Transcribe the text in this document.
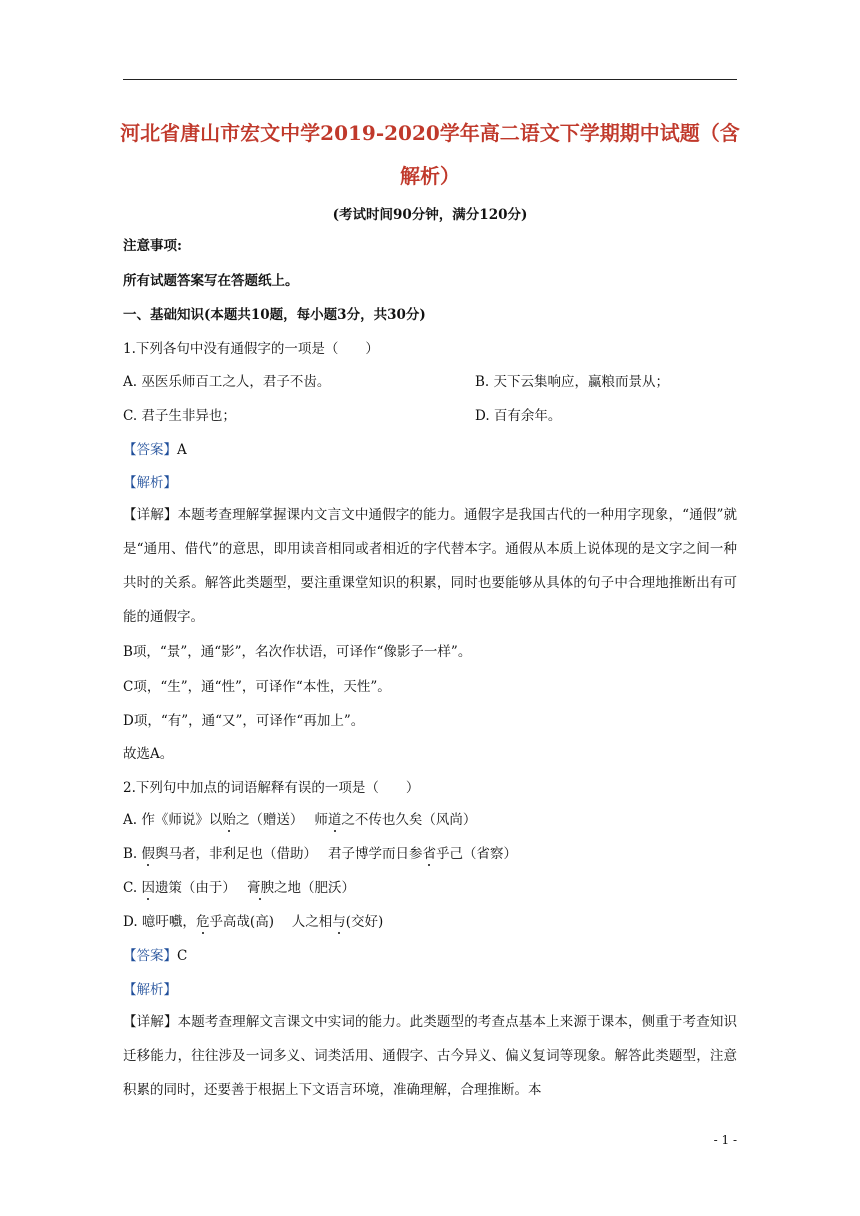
河北省唐山市宏文中学2019-2020学年高二语文下学期期中试题（含
解析）
(考试时间90分钟，满分120分)
注意事项:
所有试题答案写在答题纸上。
一、基础知识(本题共10题，每小题3分，共30分)
1.下列各句中没有通假字的一项是（　　）
A. 巫医乐师百工之人，君子不齿。	B. 天下云集响应，赢粮而景从；
C. 君子生非异也；	D. 百有余年。
【答案】A
【解析】
【详解】本题考查理解掌握课内文言文中通假字的能力。通假字是我国古代的一种用字现象，“通假”就是“通用、借代”的意思，即用读音相同或者相近的字代替本字。通假从本质上说体现的是文字之间一种共时的关系。解答此类题型，要注重课堂知识的积累，同时也要能够从具体的句子中合理地推断出有可能的通假字。
B项，“景”，通“影”，名次作状语，可译作“像影子一样”。
C项，“生”，通“性”，可译作“本性，天性”。
D项，“有”，通“又”，可译作“再加上”。
故选A。
2.下列句中加点的词语解释有误的一项是（　　）
A. 作《师说》以贻之（赠送）　 师道之不传也久矣（风尚）
B. 假舆马者，非利足也（借助）　 君子博学而日参省乎己（省察）
C. 因遗策（由于）　 膏腴之地（肥沃）
D. 噫吁嚱，危乎高哉(高)　 人之相与(交好)
【答案】C
【解析】
【详解】本题考查理解文言课文中实词的能力。此类题型的考查点基本上来源于课本，侧重于考查知识迁移能力，往往涉及一词多义、词类活用、通假字、古今异义、偏义复词等现象。解答此类题型，注意积累的同时，还要善于根据上下文语言环境，准确理解，合理推断。本
- 1 -
